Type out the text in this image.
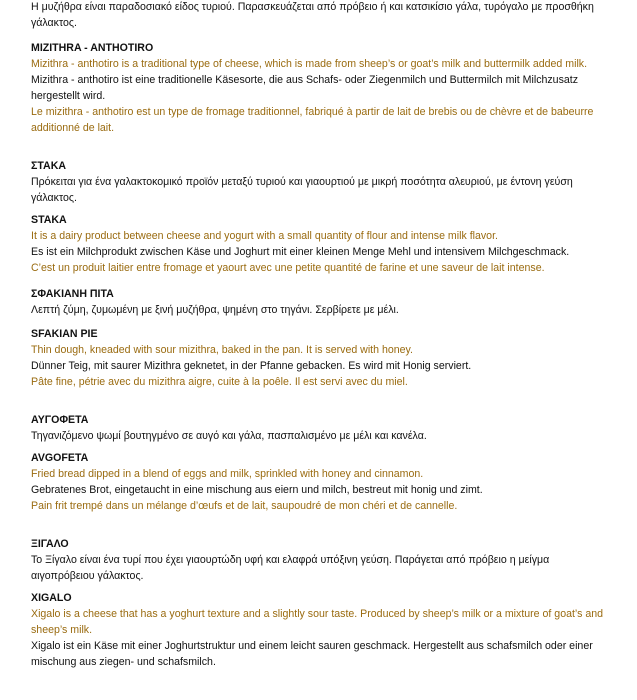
Η μυζήθρα είναι παραδοσιακό είδος τυριού. Παρασκευάζεται από πρόβειο ή και κατσικίσιο γάλα, τυρόγαλο με προσθήκη γάλακτος.
MIZITHRA - ANTHOTIRO
Mizithra - anthotiro is a traditional type of cheese, which is made from sheep’s or goat’s milk and buttermilk added milk.
Mizithra - anthotiro ist eine traditionelle Käsesorte, die aus Schafs- oder Ziegenmilch und Buttermilch mit Milchzusatz hergestellt wird.
Le mizithra - anthotiro est un type de fromage traditionnel, fabriqué à partir de lait de brebis ou de chèvre et de babeurre additionné de lait.
ΣΤΑΚΑ
Πρόκειται για ένα γαλακτοκομικό προϊόν μεταξύ τυριού και γιαουρτιού με μικρή ποσότητα αλευριού, με έντονη γεύση γάλακτος.
STAKA
It is a dairy product between cheese and yogurt with a small quantity of flour and intense milk flavor.
Es ist ein Milchprodukt zwischen Käse und Joghurt mit einer kleinen Menge Mehl und intensivem Milchgeschmack.
C’est un produit laitier entre fromage et yaourt avec une petite quantité de farine et une saveur de lait intense.
ΣΦΑΚΙΑΝΗ ΠΙΤΑ
Λεπτή ζύμη, ζυμωμένη με ξινή μυζήθρα, ψημένη στο τηγάνι. Σερβίρετε με μέλι.
SFAKIAN PIE
Thin dough, kneaded with sour mizithra, baked in the pan. It is served with honey.
Dünner Teig, mit saurer Mizithra geknetet, in der Pfanne gebacken. Es wird mit Honig serviert.
Pâte fine, pétrie avec du mizithra aigre, cuite à la poêle. Il est servi avec du miel.
ΑΥΓΟΦΕΤΑ
Τηγανιζόμενο ψωμί βουτηγμένο σε αυγό και γάλα, πασπαλισμένο με μέλι και κανέλα.
AVGOFETA
Fried bread dipped in a blend of eggs and milk, sprinkled with honey and cinnamon.
Gebratenes Brot, eingetaucht in eine mischung aus eiern und milch, bestreut mit honig und zimt.
Pain frit trempé dans un mélange d’œufs et de lait, saupoudré de mon chéri et de cannelle.
ΞΙΓΑΛΟ
Το Ξίγαλο είναι ένα τυρί που έχει γιαουρτώδη υφή και ελαφρά υπόξινη γεύση. Παράγεται από πρόβειο η μείγμα αιγοπρόβειου γάλακτος.
XIGALO
Xigalo is a cheese that has a yoghurt texture and a slightly sour taste. Produced by sheep’s milk or a mixture of goat’s and sheep’s milk.
Xigalo ist ein Käse mit einer Joghurtstruktur und einem leicht sauren geschmack. Hergestellt aus schafsmilch oder einer mischung aus ziegen- und schafsmilch.
